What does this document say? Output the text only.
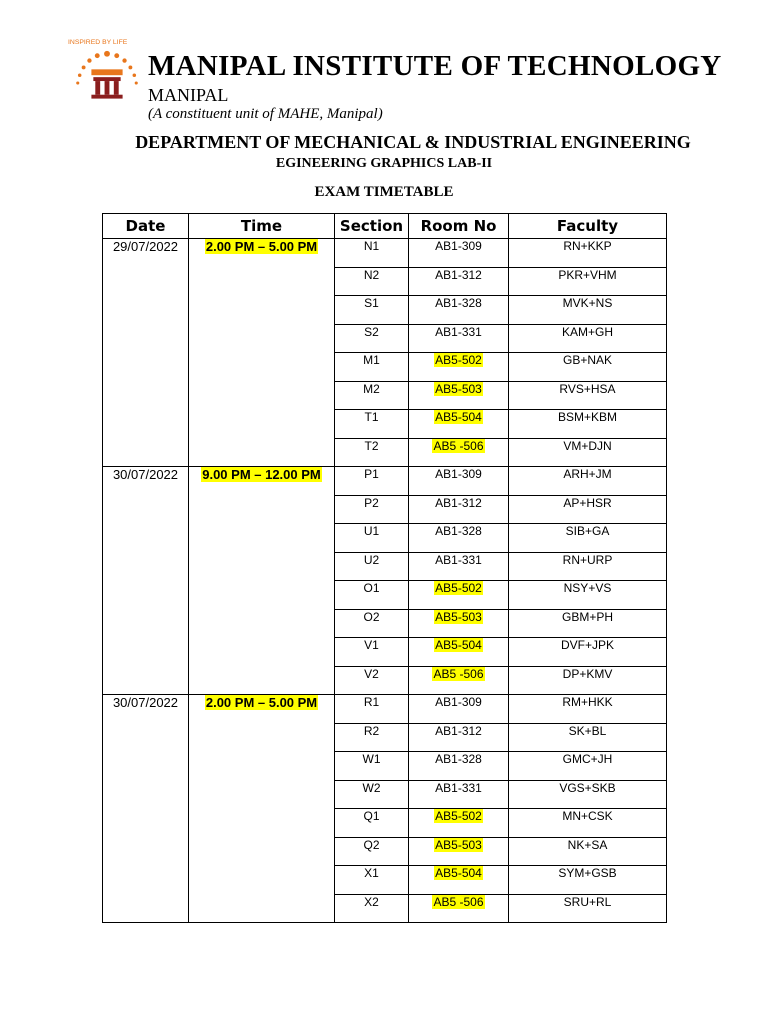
INSPIRED BY LIFE
MANIPAL INSTITUTE OF TECHNOLOGY
MANIPAL
(A constituent unit of MAHE, Manipal)
DEPARTMENT OF MECHANICAL & INDUSTRIAL ENGINEERING
EGINEERING GRAPHICS LAB-II
EXAM TIMETABLE
Date	Time	Section	Room No	Faculty
29/07/2022	2.00 PM – 5.00 PM	N1	AB1-309	RN+KKP
		N2	AB1-312	PKR+VHM
		S1	AB1-328	MVK+NS
		S2	AB1-331	KAM+GH
		M1	AB5-502	GB+NAK
		M2	AB5-503	RVS+HSA
		T1	AB5-504	BSM+KBM
		T2	AB5 -506	VM+DJN
30/07/2022	9.00 PM – 12.00 PM	P1	AB1-309	ARH+JM
		P2	AB1-312	AP+HSR
		U1	AB1-328	SIB+GA
		U2	AB1-331	RN+URP
		O1	AB5-502	NSY+VS
		O2	AB5-503	GBM+PH
		V1	AB5-504	DVF+JPK
		V2	AB5 -506	DP+KMV
30/07/2022	2.00 PM – 5.00 PM	R1	AB1-309	RM+HKK
		R2	AB1-312	SK+BL
		W1	AB1-328	GMC+JH
		W2	AB1-331	VGS+SKB
		Q1	AB5-502	MN+CSK
		Q2	AB5-503	NK+SA
		X1	AB5-504	SYM+GSB
		X2	AB5 -506	SRU+RL
